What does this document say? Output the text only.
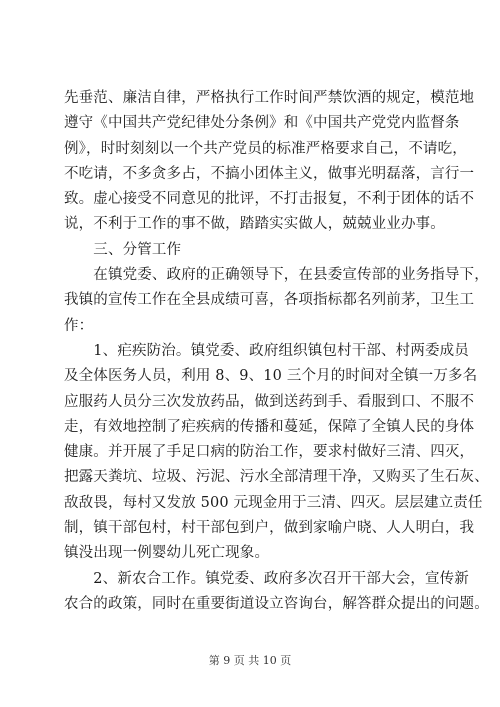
先垂范、廉洁自律，严格执行工作时间严禁饮酒的规定，模范地
遵守《中国共产党纪律处分条例》和《中国共产党党内监督条
例》，时时刻刻以一个共产党员的标准严格要求自己，不请吃，
不吃请，不多贪多占，不搞小团体主义，做事光明磊落，言行一
致。虚心接受不同意见的批评，不打击报复，不利于团体的话不
说，不利于工作的事不做，踏踏实实做人，兢兢业业办事。
　　三、分管工作
　　在镇党委、政府的正确领导下，在县委宣传部的业务指导下，
我镇的宣传工作在全县成绩可喜，各项指标都名列前茅，卫生工
作：
　　1、疟疾防治。镇党委、政府组织镇包村干部、村两委成员
及全体医务人员，利用 8、9、10 三个月的时间对全镇一万多名
应服药人员分三次发放药品，做到送药到手、看服到口、不服不
走，有效地控制了疟疾病的传播和蔓延，保障了全镇人民的身体
健康。并开展了手足口病的防治工作，要求村做好三清、四灭，
把露天粪坑、垃圾、污泥、污水全部清理干净，又购买了生石灰、
敌敌畏，每村又发放 500 元现金用于三清、四灭。层层建立责任
制，镇干部包村，村干部包到户，做到家喻户晓、人人明白，我
镇没出现一例婴幼儿死亡现象。
　　2、新农合工作。镇党委、政府多次召开干部大会，宣传新
农合的政策，同时在重要街道设立咨询台，解答群众提出的问题。
第 9 页 共 10 页
